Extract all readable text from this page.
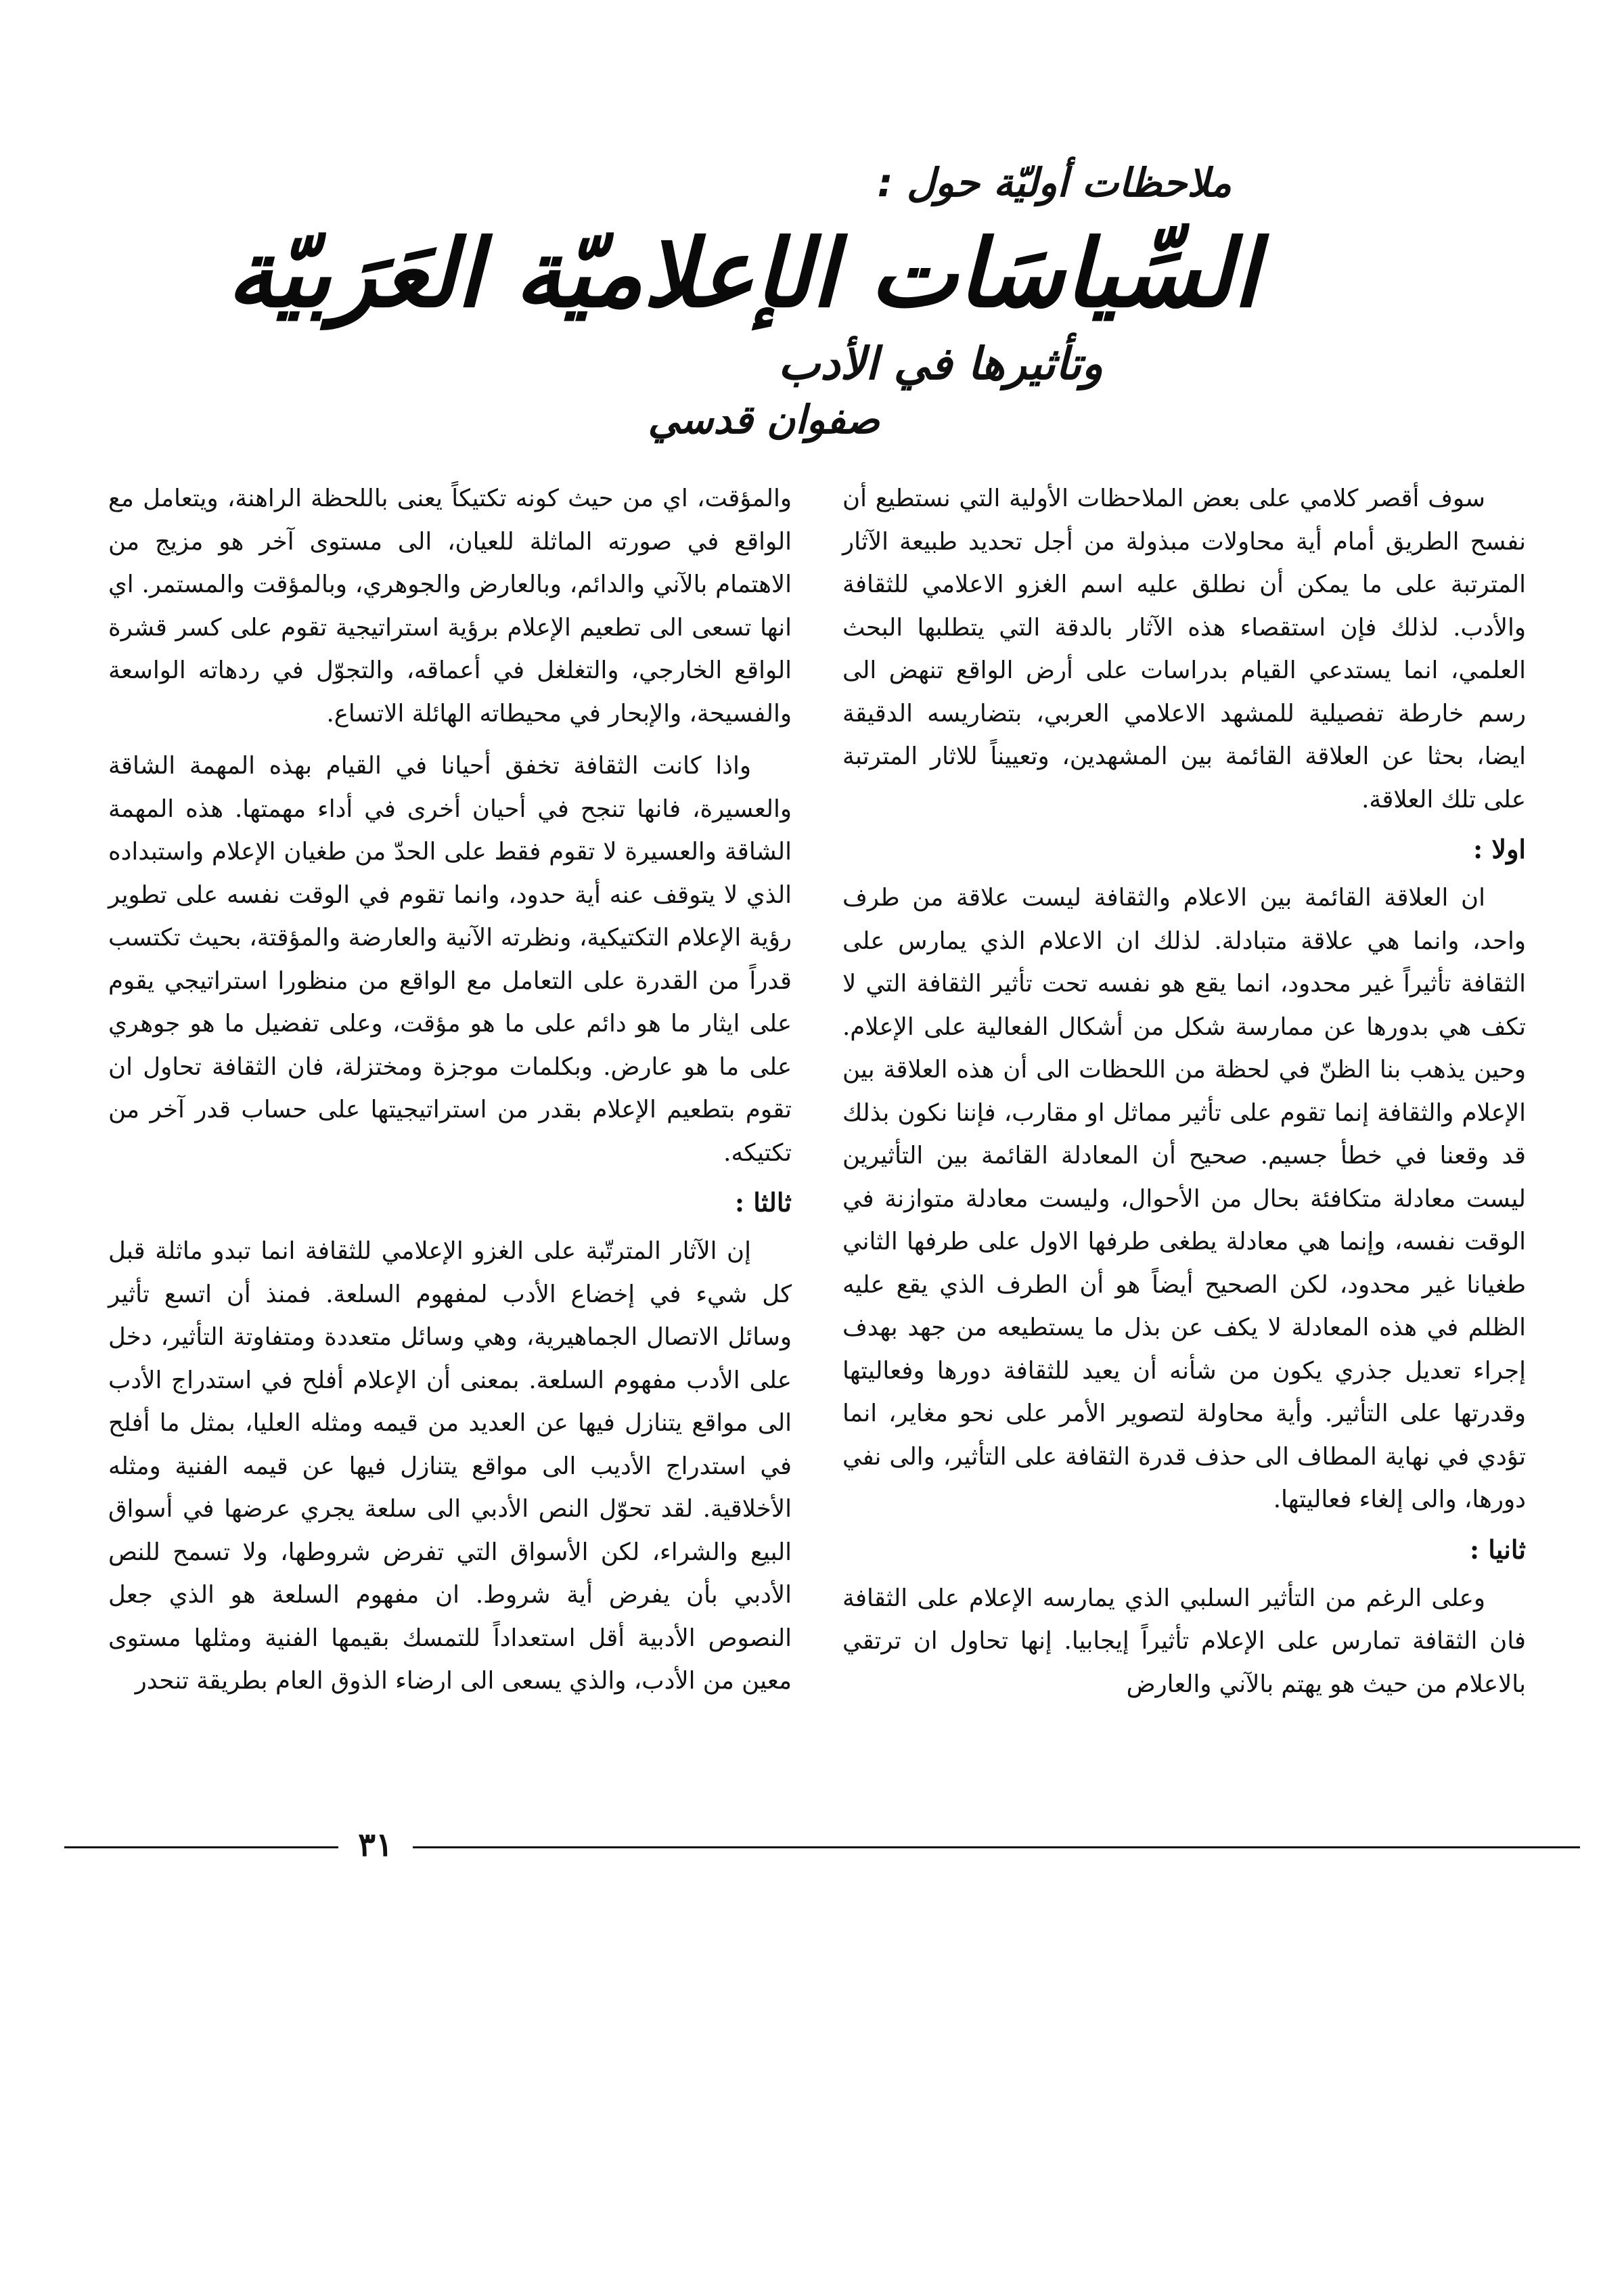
ملاحظات أوليّة حول :
السِّياسَات الإعلاميّة العَرَبيّة
وتأثيرها في الأدب
صفوان قدسي

سوف أقصر كلامي على بعض الملاحظات الأولية التي نستطيع أن نفسح الطريق أمام أية محاولات مبذولة من أجل تحديد طبيعة الآثار المترتبة على ما يمكن أن نطلق عليه اسم الغزو الاعلامي للثقافة والأدب. لذلك فإن استقصاء هذه الآثار بالدقة التي يتطلبها البحث العلمي، انما يستدعي القيام بدراسات على أرض الواقع تنهض الى رسم خارطة تفصيلية للمشهد الاعلامي العربي، بتضاريسه الدقيقة ايضا، بحثا عن العلاقة القائمة بين المشهدين، وتعييناً للاثار المترتبة على تلك العلاقة.

اولا :

ان العلاقة القائمة بين الاعلام والثقافة ليست علاقة من طرف واحد، وانما هي علاقة متبادلة. لذلك ان الاعلام الذي يمارس على الثقافة تأثيراً غير محدود، انما يقع هو نفسه تحت تأثير الثقافة التي لا تكف هي بدورها عن ممارسة شكل من أشكال الفعالية على الإعلام. وحين يذهب بنا الظنّ في لحظة من اللحظات الى أن هذه العلاقة بين الإعلام والثقافة إنما تقوم على تأثير مماثل او مقارب، فإننا نكون بذلك قد وقعنا في خطأ جسيم. صحيح أن المعادلة القائمة بين التأثيرين ليست معادلة متكافئة بحال من الأحوال، وليست معادلة متوازنة في الوقت نفسه، وإنما هي معادلة يطغى طرفها الاول على طرفها الثاني طغيانا غير محدود، لكن الصحيح أيضاً هو أن الطرف الذي يقع عليه الظلم في هذه المعادلة لا يكف عن بذل ما يستطيعه من جهد بهدف إجراء تعديل جذري يكون من شأنه أن يعيد للثقافة دورها وفعاليتها وقدرتها على التأثير. وأية محاولة لتصوير الأمر على نحو مغاير، انما تؤدي في نهاية المطاف الى حذف قدرة الثقافة على التأثير، والى نفي دورها، والى إلغاء فعاليتها.

ثانيا :

وعلى الرغم من التأثير السلبي الذي يمارسه الإعلام على الثقافة فان الثقافة تمارس على الإعلام تأثيراً إيجابيا. إنها تحاول ان ترتقي بالاعلام من حيث هو يهتم بالآني والعارض

والمؤقت، اي من حيث كونه تكتيكاً يعنى باللحظة الراهنة، ويتعامل مع الواقع في صورته الماثلة للعيان، الى مستوى آخر هو مزيج من الاهتمام بالآني والدائم، وبالعارض والجوهري، وبالمؤقت والمستمر. اي انها تسعى الى تطعيم الإعلام برؤية استراتيجية تقوم على كسر قشرة الواقع الخارجي، والتغلغل في أعماقه، والتجوّل في ردهاته الواسعة والفسيحة، والإبحار في محيطاته الهائلة الاتساع.

واذا كانت الثقافة تخفق أحيانا في القيام بهذه المهمة الشاقة والعسيرة، فانها تنجح في أحيان أخرى في أداء مهمتها. هذه المهمة الشاقة والعسيرة لا تقوم فقط على الحدّ من طغيان الإعلام واستبداده الذي لا يتوقف عنه أية حدود، وانما تقوم في الوقت نفسه على تطوير رؤية الإعلام التكتيكية، ونظرته الآنية والعارضة والمؤقتة، بحيث تكتسب قدراً من القدرة على التعامل مع الواقع من منظورا استراتيجي يقوم على ايثار ما هو دائم على ما هو مؤقت، وعلى تفضيل ما هو جوهري على ما هو عارض. وبكلمات موجزة ومختزلة، فان الثقافة تحاول ان تقوم بتطعيم الإعلام بقدر من استراتيجيتها على حساب قدر آخر من تكتيكه.

ثالثا :

إن الآثار المترتّبة على الغزو الإعلامي للثقافة انما تبدو ماثلة قبل كل شيء في إخضاع الأدب لمفهوم السلعة. فمنذ أن اتسع تأثير وسائل الاتصال الجماهيرية، وهي وسائل متعددة ومتفاوتة التأثير، دخل على الأدب مفهوم السلعة. بمعنى أن الإعلام أفلح في استدراج الأدب الى مواقع يتنازل فيها عن العديد من قيمه ومثله العليا، بمثل ما أفلح في استدراج الأديب الى مواقع يتنازل فيها عن قيمه الفنية ومثله الأخلاقية. لقد تحوّل النص الأدبي الى سلعة يجري عرضها في أسواق البيع والشراء، لكن الأسواق التي تفرض شروطها، ولا تسمح للنص الأدبي بأن يفرض أية شروط. ان مفهوم السلعة هو الذي جعل النصوص الأدبية أقل استعداداً للتمسك بقيمها الفنية ومثلها مستوى معين من الأدب، والذي يسعى الى ارضاء الذوق العام بطريقة تنحدر

٣١
